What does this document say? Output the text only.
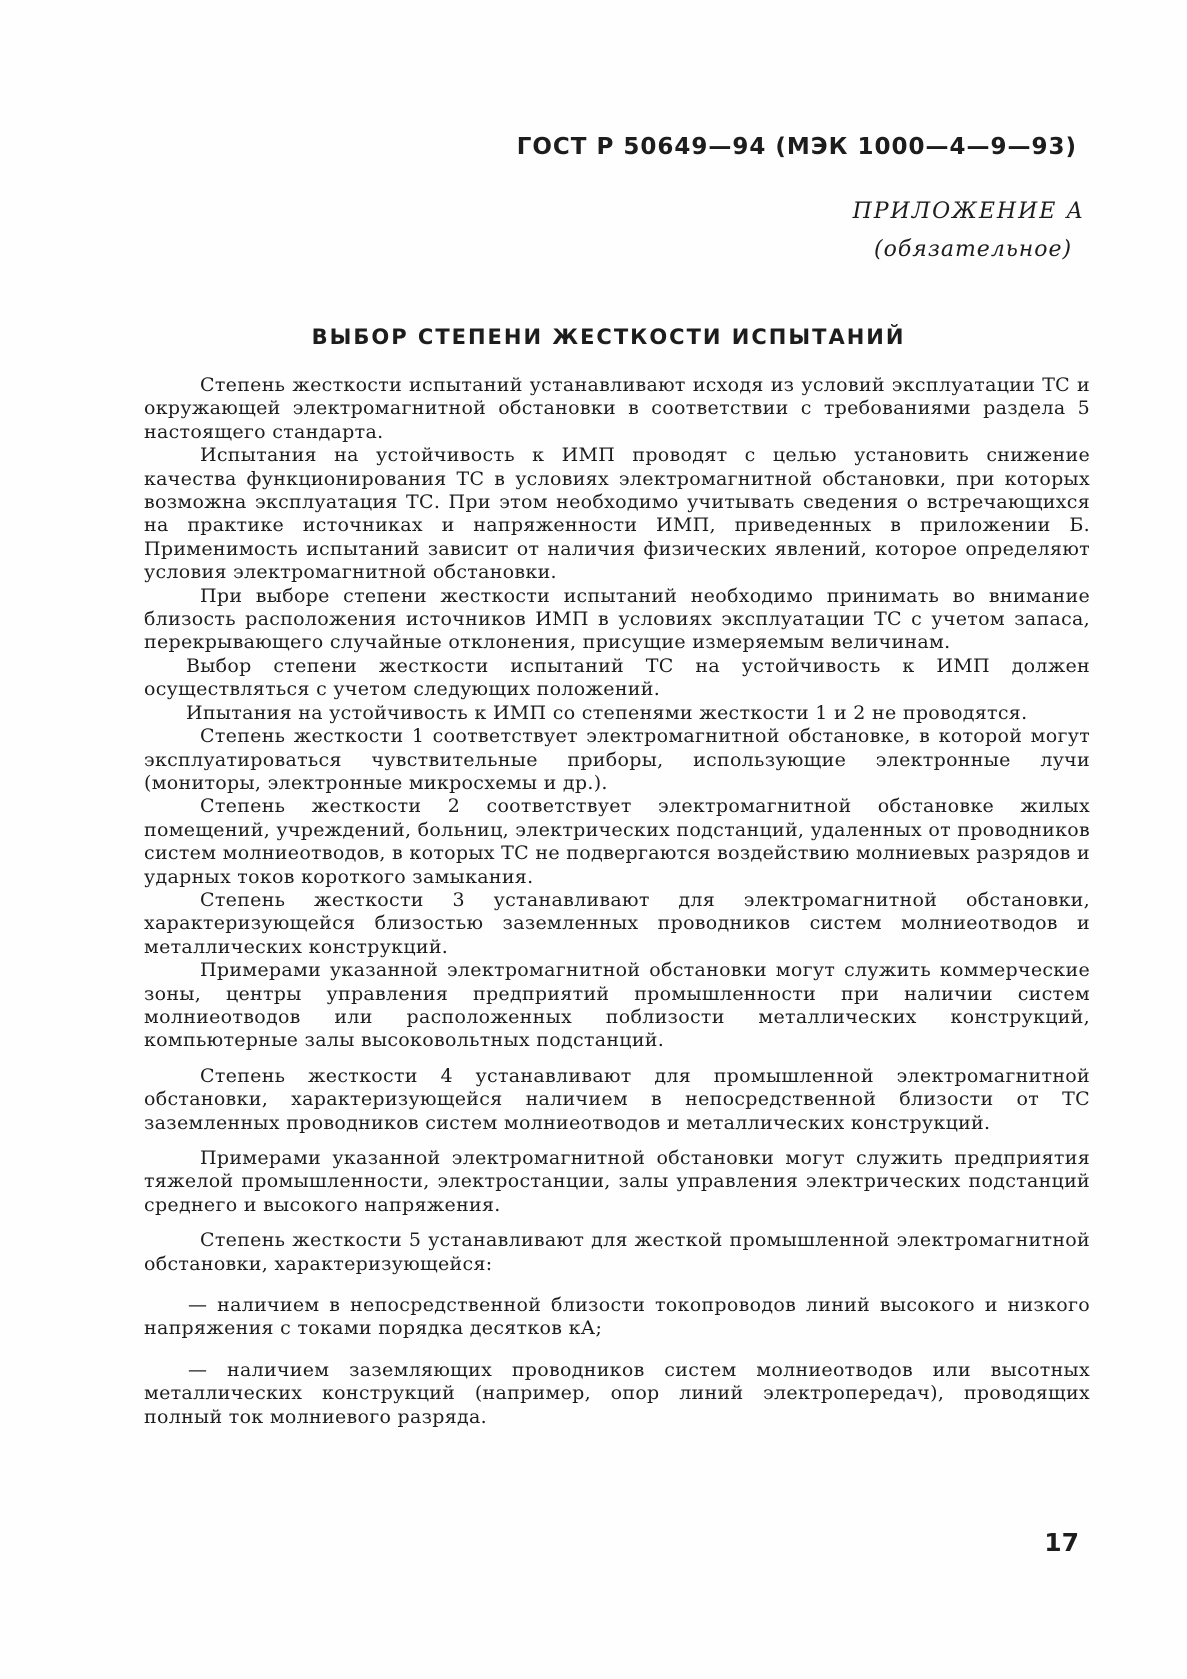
ГОСТ Р 50649—94 (МЭК 1000—4—9—93)
ПРИЛОЖЕНИЕ А
(обязательное)
ВЫБОР СТЕПЕНИ ЖЕСТКОСТИ ИСПЫТАНИЙ

Степень жесткости испытаний устанавливают исходя из условий эксплуатации ТС и окружающей электромагнитной обстановки в соответствии с требованиями раздела 5 настоящего стандарта.

Испытания на устойчивость к ИМП проводят с целью установить снижение качества функционирования ТС в условиях электромагнитной обстановки, при которых возможна эксплуатация ТС. При этом необходимо учитывать сведения о встречающихся на практике источниках и напряженности ИМП, приведенных в приложении Б. Применимость испытаний зависит от наличия физических явлений, которое определяют условия электромагнитной обстановки.

При выборе степени жесткости испытаний необходимо принимать во внимание близость расположения источников ИМП в условиях эксплуатации ТС с учетом запаса, перекрывающего случайные отклонения, присущие измеряемым величинам.

Выбор степени жесткости испытаний ТС на устойчивость к ИМП должен осуществляться с учетом следующих положений.

Ипытания на устойчивость к ИМП со степенями жесткости 1 и 2 не проводятся.

Степень жесткости 1 соответствует электромагнитной обстановке, в которой могут эксплуатироваться чувствительные приборы, использующие электронные лучи (мониторы, электронные микросхемы и др.).

Степень жесткости 2 соответствует электромагнитной обстановке жилых помещений, учреждений, больниц, электрических подстанций, удаленных от проводников систем молниеотводов, в которых ТС не подвергаются воздействию молниевых разрядов и ударных токов короткого замыкания.

Степень жесткости 3 устанавливают для электромагнитной обстановки, характеризующейся близостью заземленных проводников систем молниеотводов и металлических конструкций.

Примерами указанной электромагнитной обстановки могут служить коммерческие зоны, центры управления предприятий промышленности при наличии систем молниеотводов или расположенных поблизости металлических конструкций, компьютерные залы высоковольтных подстанций.

Степень жесткости 4 устанавливают для промышленной электромагнитной обстановки, характеризующейся наличием в непосредственной близости от ТС заземленных проводников систем молниеотводов и металлических конструкций.

Примерами указанной электромагнитной обстановки могут служить предприятия тяжелой промышленности, электростанции, залы управления электрических подстанций среднего и высокого напряжения.

Степень жесткости 5 устанавливают для жесткой промышленной электромагнитной обстановки, характеризующейся:

— наличием в непосредственной близости токопроводов линий высокого и низкого напряжения с токами порядка десятков кА;

— наличием заземляющих проводников систем молниеотводов или высотных металлических конструкций (например, опор линий электропередач), проводящих полный ток молниевого разряда.

17
